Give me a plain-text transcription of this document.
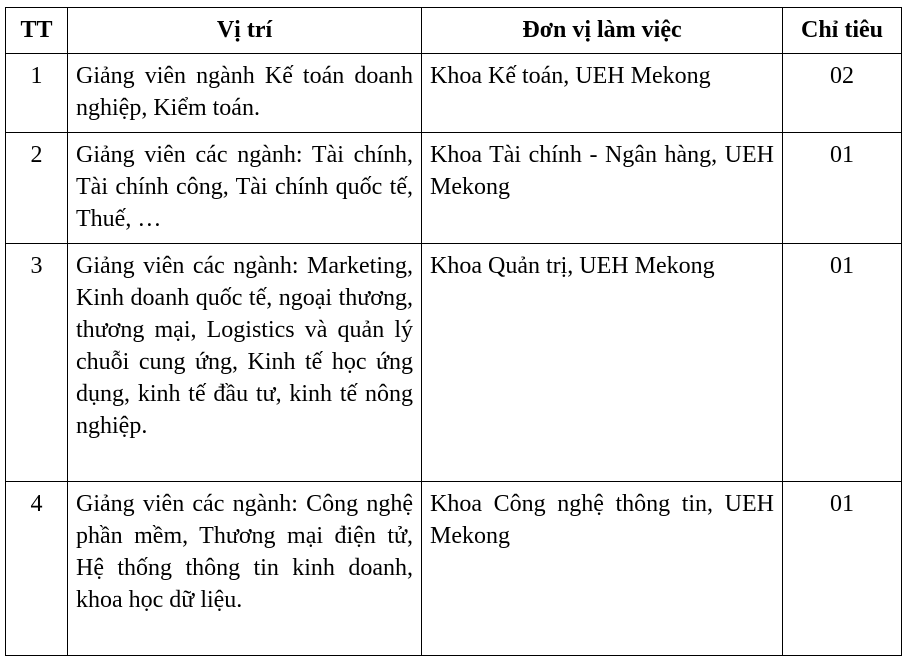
TT	Vị trí	Đơn vị làm việc	Chỉ tiêu
1	Giảng viên ngành Kế toán doanh nghiệp, Kiểm toán.	Khoa Kế toán, UEH Mekong	02
2	Giảng viên các ngành: Tài chính, Tài chính công, Tài chính quốc tế, Thuế, …	Khoa Tài chính - Ngân hàng, UEH Mekong	01
3	Giảng viên các ngành: Marketing, Kinh doanh quốc tế, ngoại thương, thương mại, Logistics và quản lý chuỗi cung ứng, Kinh tế học ứng dụng, kinh tế đầu tư, kinh tế nông nghiệp.	Khoa Quản trị, UEH Mekong	01
4	Giảng viên các ngành: Công nghệ phần mềm, Thương mại điện tử, Hệ thống thông tin kinh doanh, khoa học dữ liệu.	Khoa Công nghệ thông tin, UEH Mekong	01
